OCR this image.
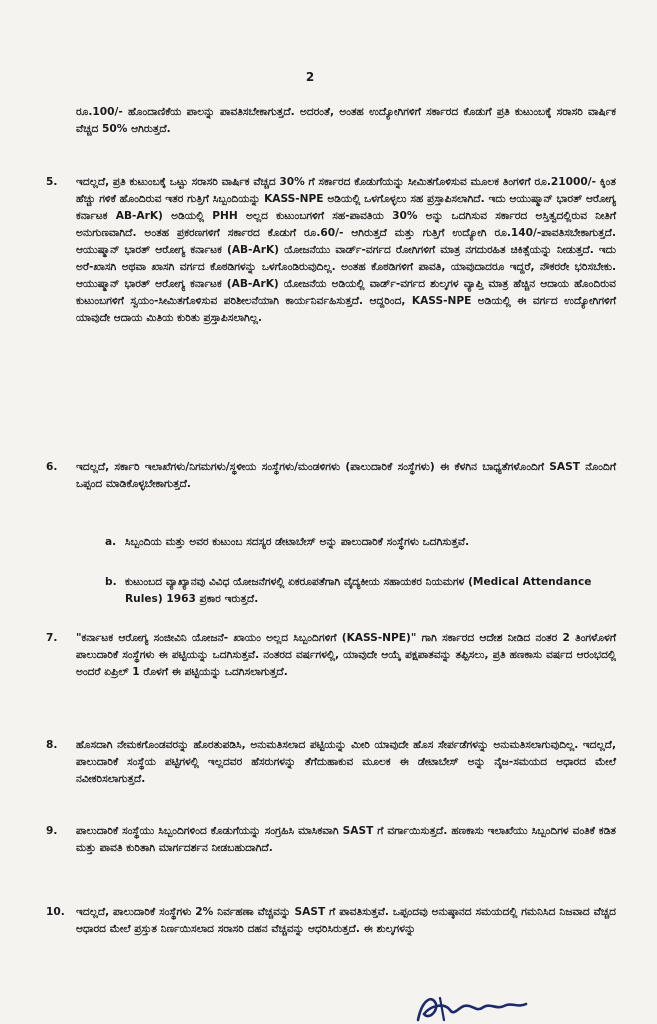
2
ರೂ.100/- ಹೊಂದಾಣಿಕೆಯ ಪಾಲನ್ನು ಪಾವತಿಸಬೇಕಾಗುತ್ತದೆ. ಅದರಂತೆ, ಅಂತಹ ಉದ್ಯೋಗಿಗಳಿಗೆ ಸರ್ಕಾರದ ಕೊಡುಗೆ ಪ್ರತಿ ಕುಟುಂಬಕ್ಕೆ ಸರಾಸರಿ ವಾರ್ಷಿಕ ವೆಚ್ಚದ 50% ಆಗಿರುತ್ತದೆ.
5.	ಇದಲ್ಲದೆ, ಪ್ರತಿ ಕುಟುಂಬಕ್ಕೆ ಒಟ್ಟು ಸರಾಸರಿ ವಾರ್ಷಿಕ ವೆಚ್ಚದ 30% ಗೆ ಸರ್ಕಾರದ ಕೊಡುಗೆಯನ್ನು ಸೀಮಿತಗೊಳಿಸುವ ಮೂಲಕ ತಿಂಗಳಿಗೆ ರೂ.21000/- ಕ್ಕಿಂತ ಹೆಚ್ಚು ಗಳಿಕೆ ಹೊಂದಿರುವ ಇತರ ಗುತ್ತಿಗೆ ಸಿಬ್ಬಂದಿಯನ್ನು KASS-NPE ಅಡಿಯಲ್ಲಿ ಒಳಗೊಳ್ಳಲು ಸಹ ಪ್ರಸ್ತಾಪಿಸಲಾಗಿದೆ. ಇದು ಆಯುಷ್ಮಾನ್ ಭಾರತ್ ಆರೋಗ್ಯ ಕರ್ನಾಟಕ AB-ArK) ಅಡಿಯಲ್ಲಿ PHH ಅಲ್ಲದ ಕುಟುಂಬಗಳಿಗೆ ಸಹ-ಪಾವತಿಯ 30% ಅನ್ನು ಒದಗಿಸುವ ಸರ್ಕಾರದ ಅಸ್ತಿತ್ವದಲ್ಲಿರುವ ನೀತಿಗೆ ಅನುಗುಣವಾಗಿದೆ. ಅಂತಹ ಪ್ರಕರಣಗಳಿಗೆ ಸರ್ಕಾರದ ಕೊಡುಗೆ ರೂ.60/- ಆಗಿರುತ್ತದೆ ಮತ್ತು ಗುತ್ತಿಗೆ ಉದ್ಯೋಗಿ ರೂ.140/-ಪಾವತಿಸಬೇಕಾಗುತ್ತದೆ. ಆಯುಷ್ಮಾನ್ ಭಾರತ್ ಆರೋಗ್ಯ ಕರ್ನಾಟಕ (AB-ArK) ಯೋಜನೆಯು ವಾರ್ಡ್-ವರ್ಗದ ರೋಗಿಗಳಿಗೆ ಮಾತ್ರ ನಗದುರಹಿತ ಚಿಕಿತ್ಸೆಯನ್ನು ನೀಡುತ್ತದೆ. ಇದು ಅರೆ-ಖಾಸಗಿ ಅಥವಾ ಖಾಸಗಿ ವರ್ಗದ ಕೊಠಡಿಗಳನ್ನು ಒಳಗೊಂಡಿರುವುದಿಲ್ಲ. ಅಂತಹ ಕೊಠಡಿಗಳಿಗೆ ಪಾವತಿ, ಯಾವುದಾದರೂ ಇದ್ದರೆ, ನೌಕರರೇ ಭರಿಸಬೇಕು. ಆಯುಷ್ಮಾನ್ ಭಾರತ್ ಆರೋಗ್ಯ ಕರ್ನಾಟಕ (AB-ArK) ಯೋಜನೆಯ ಅಡಿಯಲ್ಲಿ ವಾರ್ಡ್-ವರ್ಗದ ಶುಲ್ಕಗಳ ವ್ಯಾಪ್ತಿ ಮಾತ್ರ ಹೆಚ್ಚಿನ ಆದಾಯ ಹೊಂದಿರುವ ಕುಟುಂಬಗಳಿಗೆ ಸ್ವಯಂ-ಸೀಮಿತಗೊಳಿಸುವ ಪರಿಶೀಲನೆಯಾಗಿ ಕಾರ್ಯನಿರ್ವಹಿಸುತ್ತದೆ. ಆದ್ದರಿಂದ, KASS-NPE ಅಡಿಯಲ್ಲಿ ಈ ವರ್ಗದ ಉದ್ಯೋಗಿಗಳಿಗೆ ಯಾವುದೇ ಆದಾಯ ಮಿತಿಯ ಕುರಿತು ಪ್ರಸ್ತಾಪಿಸಲಾಗಿಲ್ಲ.
6.	ಇದಲ್ಲದೆ, ಸರ್ಕಾರಿ ಇಲಾಖೆಗಳು/ನಿಗಮಗಳು/ಸ್ಥಳೀಯ ಸಂಸ್ಥೆಗಳು/ಮಂಡಳಿಗಳು (ಪಾಲುದಾರಿಕೆ ಸಂಸ್ಥೆಗಳು) ಈ ಕೆಳಗಿನ ಬಾಧ್ಯತೆಗಳೊಂದಿಗೆ SAST ನೊಂದಿಗೆ ಒಪ್ಪಂದ ಮಾಡಿಕೊಳ್ಳಬೇಕಾಗುತ್ತದೆ.
a. ಸಿಬ್ಬಂದಿಯ ಮತ್ತು ಅವರ ಕುಟುಂಬ ಸದಸ್ಯರ ಡೇಟಾಬೇಸ್ ಅನ್ನು ಪಾಲುದಾರಿಕೆ ಸಂಸ್ಥೆಗಳು ಒದಗಿಸುತ್ತವೆ.
b. ಕುಟುಂಬದ ವ್ಯಾಖ್ಯಾನವು ವಿವಿಧ ಯೋಜನೆಗಳಲ್ಲಿ ಏಕರೂಪತೆಗಾಗಿ ವೈದ್ಯಕೀಯ ಸಹಾಯಕರ ನಿಯಮಗಳ (Medical Attendance Rules) 1963 ಪ್ರಕಾರ ಇರುತ್ತದೆ.
7.	"ಕರ್ನಾಟಕ ಆರೋಗ್ಯ ಸಂಜೀವಿನಿ ಯೋಜನೆ- ಖಾಯಂ ಅಲ್ಲದ ಸಿಬ್ಬಂದಿಗಳಿಗೆ (KASS-NPE)" ಗಾಗಿ ಸರ್ಕಾರದ ಆದೇಶ ನೀಡಿದ ನಂತರ 2 ತಿಂಗಳೊಳಗೆ ಪಾಲುದಾರಿಕೆ ಸಂಸ್ಥೆಗಳು ಈ ಪಟ್ಟಿಯನ್ನು ಒದಗಿಸುತ್ತವೆ. ನಂತರದ ವರ್ಷಗಳಲ್ಲಿ, ಯಾವುದೇ ಆಯ್ಕೆ ಪಕ್ಷಪಾತವನ್ನು ತಪ್ಪಿಸಲು, ಪ್ರತಿ ಹಣಕಾಸು ವರ್ಷದ ಆರಂಭದಲ್ಲಿ ಅಂದರೆ ಏಪ್ರಿಲ್ 1 ರೊಳಗೆ ಈ ಪಟ್ಟಿಯನ್ನು ಒದಗಿಸಲಾಗುತ್ತದೆ.
8.	ಹೊಸದಾಗಿ ನೇಮಕಗೊಂಡವರನ್ನು ಹೊರತುಪಡಿಸಿ, ಅನುಮತಿಸಲಾದ ಪಟ್ಟಿಯನ್ನು ಮೀರಿ ಯಾವುದೇ ಹೊಸ ಸೇರ್ಪಡೆಗಳನ್ನು ಅನುಮತಿಸಲಾಗುವುದಿಲ್ಲ. ಇದಲ್ಲದೆ, ಪಾಲುದಾರಿಕೆ ಸಂಸ್ಥೆಯ ಪಟ್ಟಿಗಳಲ್ಲಿ ಇಲ್ಲದವರ ಹೆಸರುಗಳನ್ನು ತೆಗೆದುಹಾಕುವ ಮೂಲಕ ಈ ಡೇಟಾಬೇಸ್ ಅನ್ನು ನೈಜ-ಸಮಯದ ಆಧಾರದ ಮೇಲೆ ನವೀಕರಿಸಲಾಗುತ್ತದೆ.
9.	ಪಾಲುದಾರಿಕೆ ಸಂಸ್ಥೆಯು ಸಿಬ್ಬಂದಿಗಳಿಂದ ಕೊಡುಗೆಯನ್ನು ಸಂಗ್ರಹಿಸಿ ಮಾಸಿಕವಾಗಿ SAST ಗೆ ವರ್ಗಾಯಿಸುತ್ತದೆ. ಹಣಕಾಸು ಇಲಾಖೆಯು ಸಿಬ್ಬಂದಿಗಳ ವಂತಿಕೆ ಕಡಿತ ಮತ್ತು ಪಾವತಿ ಕುರಿತಾಗಿ ಮಾರ್ಗದರ್ಶನ ನೀಡಬಹುದಾಗಿದೆ.
10. ಇದಲ್ಲದೆ, ಪಾಲುದಾರಿಕೆ ಸಂಸ್ಥೆಗಳು 2% ನಿರ್ವಹಣಾ ವೆಚ್ಚವನ್ನು SAST ಗೆ ಪಾವತಿಸುತ್ತವೆ. ಒಪ್ಪಂದವು ಅನುಷ್ಠಾನದ ಸಮಯದಲ್ಲಿ ಗಮನಿಸಿದ ನಿಜವಾದ ವೆಚ್ಚದ ಆಧಾರದ ಮೇಲೆ ಪ್ರಸ್ತುತ ನಿರ್ಣಯಿಸಲಾದ ಸರಾಸರಿ ದಹನ ವೆಚ್ಚವನ್ನು ಆಧರಿಸಿರುತ್ತದೆ. ಈ ಶುಲ್ಕಗಳನ್ನು
